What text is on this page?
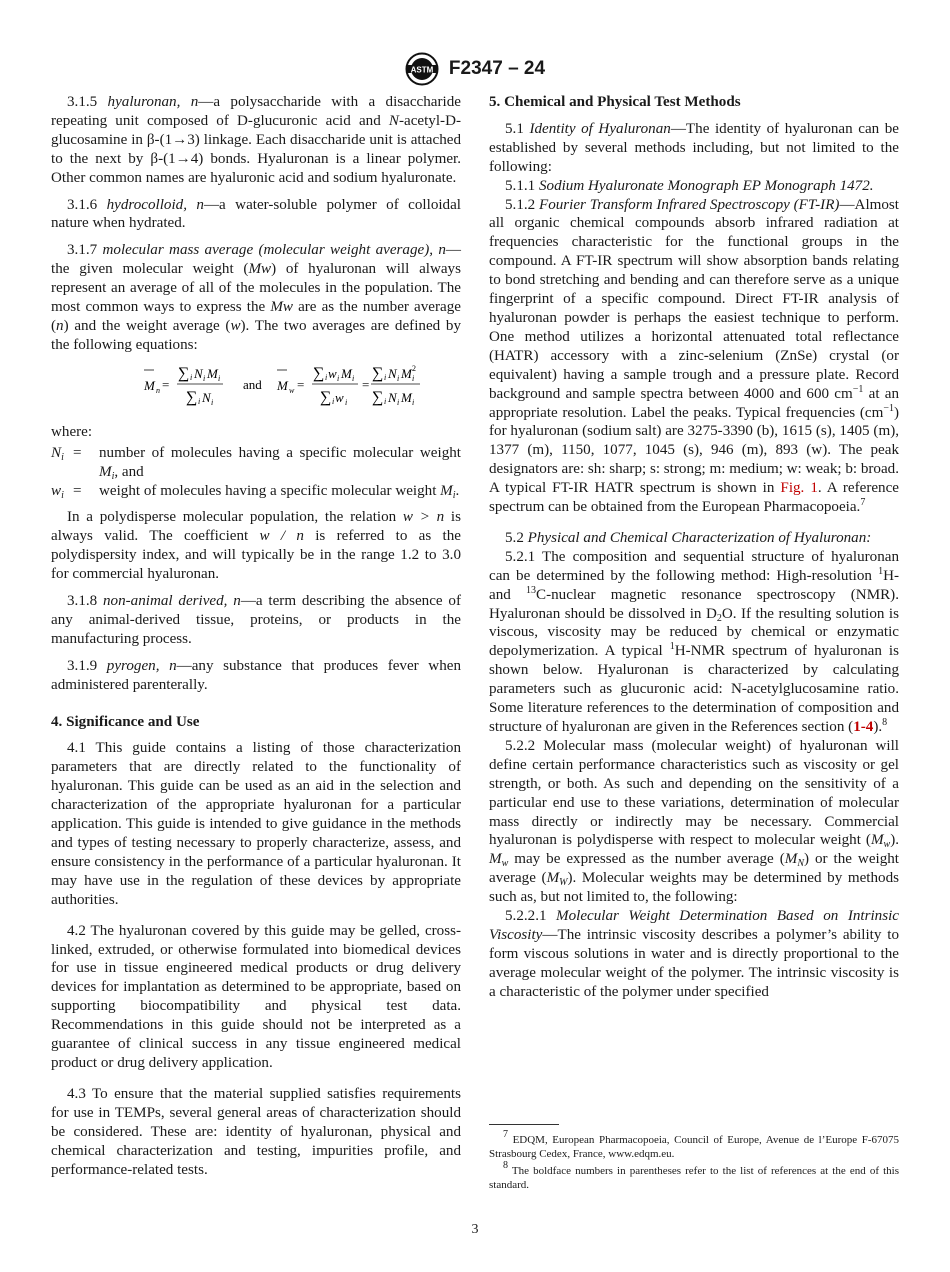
ASTM F2347 – 24

3.1.5 hyaluronan, n—a polysaccharide with a disaccharide repeating unit composed of D-glucuronic acid and N-acetyl-D-glucosamine in β-(1→3) linkage. Each disaccharide unit is attached to the next by β-(1→4) bonds. Hyaluronan is a linear polymer. Other common names are hyaluronic acid and sodium hyaluronate.

3.1.6 hydrocolloid, n—a water-soluble polymer of colloidal nature when hydrated.

3.1.7 molecular mass average (molecular weight average), n—the given molecular weight (Mw) of hyaluronan will always represent an average of all of the molecules in the population. The most common ways to express the Mw are as the number average (n) and the weight average (w). The two averages are defined by the following equations:

M n =
∑ i N i M i
∑ i N i
and M w =
∑ i w i M i
∑ i w i
=
∑ i N i M i
2
∑ i N i M i

where:

$N_i$ =	number of molecules having a specific molecular weight $M_i$, and
$w_i$ =	weight of molecules having a specific molecular weight $M_i$.

In a polydisperse molecular population, the relation w > n is always valid. The coefficient w / n is referred to as the polydispersity index, and will typically be in the range 1.2 to 3.0 for commercial hyaluronan.

3.1.8 non-animal derived, n—a term describing the absence of any animal-derived tissue, proteins, or products in the manufacturing process.

3.1.9 pyrogen, n—any substance that produces fever when administered parenterally.

4. Significance and Use

4.1 This guide contains a listing of those characterization parameters that are directly related to the functionality of hyaluronan. This guide can be used as an aid in the selection and characterization of the appropriate hyaluronan for a particular application. This guide is intended to give guidance in the methods and types of testing necessary to properly characterize, assess, and ensure consistency in the performance of a particular hyaluronan. It may have use in the regulation of these devices by appropriate authorities.

4.2 The hyaluronan covered by this guide may be gelled, cross-linked, extruded, or otherwise formulated into biomedical devices for use in tissue engineered medical products or drug delivery devices for implantation as determined to be appropriate, based on supporting biocompatibility and physical test data. Recommendations in this guide should not be interpreted as a guarantee of clinical success in any tissue engineered medical product or drug delivery application.

4.3 To ensure that the material supplied satisfies requirements for use in TEMPs, several general areas of characterization should be considered. These are: identity of hyaluronan, physical and chemical characterization and testing, impurities profile, and performance-related tests.

5. Chemical and Physical Test Methods

5.1 Identity of Hyaluronan—The identity of hyaluronan can be established by several methods including, but not limited to the following:

5.1.1 Sodium Hyaluronate Monograph EP Monograph 1472.

5.1.2 Fourier Transform Infrared Spectroscopy (FT-IR)—Almost all organic chemical compounds absorb infrared radiation at frequencies characteristic for the functional groups in the compound. A FT-IR spectrum will show absorption bands relating to bond stretching and bending and can therefore serve as a unique fingerprint of a specific compound. Direct FT-IR analysis of hyaluronan powder is perhaps the easiest technique to perform. One method utilizes a horizontal attenuated total reflectance (HATR) accessory with a zinc-selenium (ZnSe) crystal (or equivalent) having a sample trough and a pressure plate. Record background and sample spectra between 4000 and 600 $cm^{-1}$ at an appropriate resolution. Label the peaks. Typical frequencies $(cm^{-1})$ for hyaluronan (sodium salt) are 3275-3390 (b), 1615 (s), 1405 (m), 1377 (m), 1150, 1077, 1045 (s), 946 (m), 893 (w). The peak designators are: sh: sharp; s: strong; m: medium; w: weak; b: broad. A typical FT-IR HATR spectrum is shown in Fig. 1. A reference spectrum can be obtained from the European Pharmacopoeia.$^7$

5.2 Physical and Chemical Characterization of Hyaluronan:

5.2.1 The composition and sequential structure of hyaluronan can be determined by the following method: High-resolution $^1$H- and $^{13}$C-nuclear magnetic resonance spectroscopy (NMR). Hyaluronan should be dissolved in $D_2O$. If the resulting solution is viscous, viscosity may be reduced by chemical or enzymatic depolymerization. A typical $^1$H-NMR spectrum of hyaluronan is shown below. Hyaluronan is characterized by calculating parameters such as glucuronic acid: N-acetylglucosamine ratio. Some literature references to the determination of composition and structure of hyaluronan are given in the References section (1-4).$^8$

5.2.2 Molecular mass (molecular weight) of hyaluronan will define certain performance characteristics such as viscosity or gel strength, or both. As such and depending on the sensitivity of a particular end use to these variations, determination of molecular mass directly or indirectly may be necessary. Commercial hyaluronan is polydisperse with respect to molecular weight $(M_w)$. $M_w$ may be expressed as the number average $(M_N)$ or the weight average $(M_W)$. Molecular weights may be determined by methods such as, but not limited to, the following:

5.2.2.1 Molecular Weight Determination Based on Intrinsic Viscosity—The intrinsic viscosity describes a polymer’s ability to form viscous solutions in water and is directly proportional to the average molecular weight of the polymer. The intrinsic viscosity is a characteristic of the polymer under specified

$^7$ EDQM, European Pharmacopoeia, Council of Europe, Avenue de l’Europe F-67075 Strasbourg Cedex, France, www.edqm.eu.

$^8$ The boldface numbers in parentheses refer to the list of references at the end of this standard.

3
